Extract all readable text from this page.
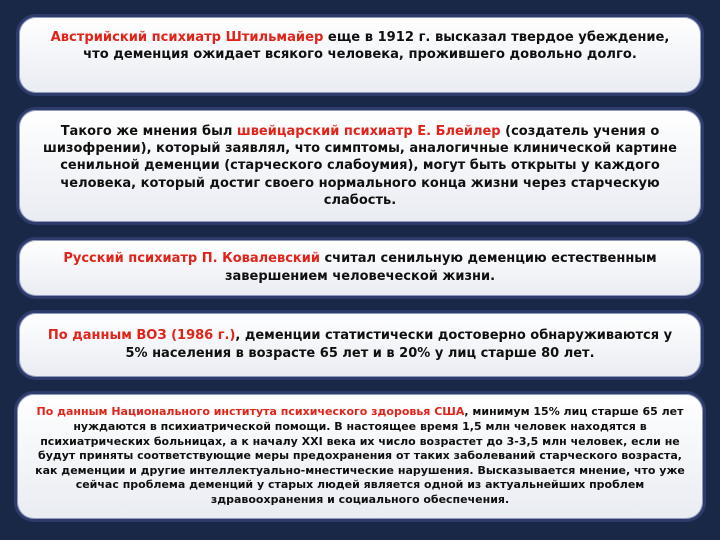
Австрийский психиатр Штильмайер еще в 1912 г. высказал твердое убеждение, что деменция ожидает всякого человека, прожившего довольно долго.

Такого же мнения был швейцарский психиатр Е. Блейлер (создатель учения о шизофрении), который заявлял, что симптомы, аналогичные клинической картине сенильной деменции (старческого слабоумия), могут быть открыты у каждого человека, который достиг своего нормального конца жизни через старческую слабость.

Русский психиатр П. Ковалевский считал сенильную деменцию естественным завершением человеческой жизни.

По данным ВОЗ (1986 г.), деменции статистически достоверно обнаруживаются у 5% населения в возрасте 65 лет и в 20% у лиц старше 80 лет.

По данным Национального института психического здоровья США, минимум 15% лиц старше 65 лет нуждаются в психиатрической помощи. В настоящее время 1,5 млн человек находятся в психиатрических больницах, а к началу XXI века их число возрастет до 3-3,5 млн человек, если не будут приняты соответствующие меры предохранения от таких заболеваний старческого возраста, как деменции и другие интеллектуально-мнестические нарушения. Высказывается мнение, что уже сейчас проблема деменций у старых людей является одной из актуальнейших проблем здравоохранения и социального обеспечения.
